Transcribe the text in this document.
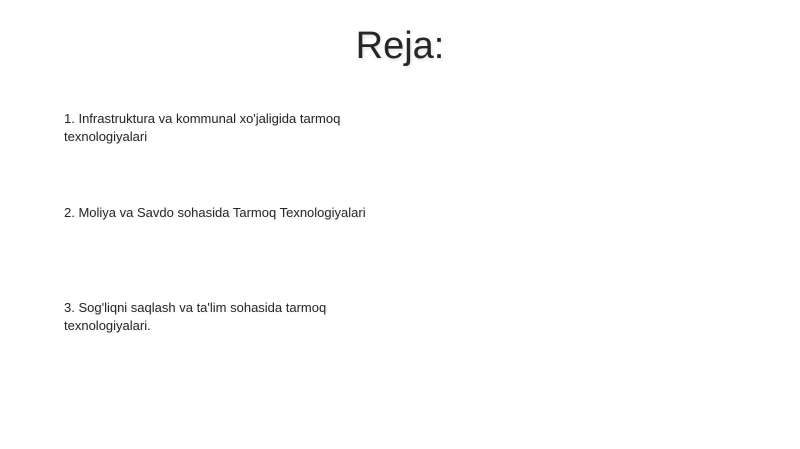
Reja:
1. Infrastruktura va kommunal xo'jaligida tarmoq texnologiyalari
2. Moliya va Savdo sohasida Tarmoq Texnologiyalari
3. Sog'liqni saqlash va ta'lim sohasida tarmoq texnologiyalari.
